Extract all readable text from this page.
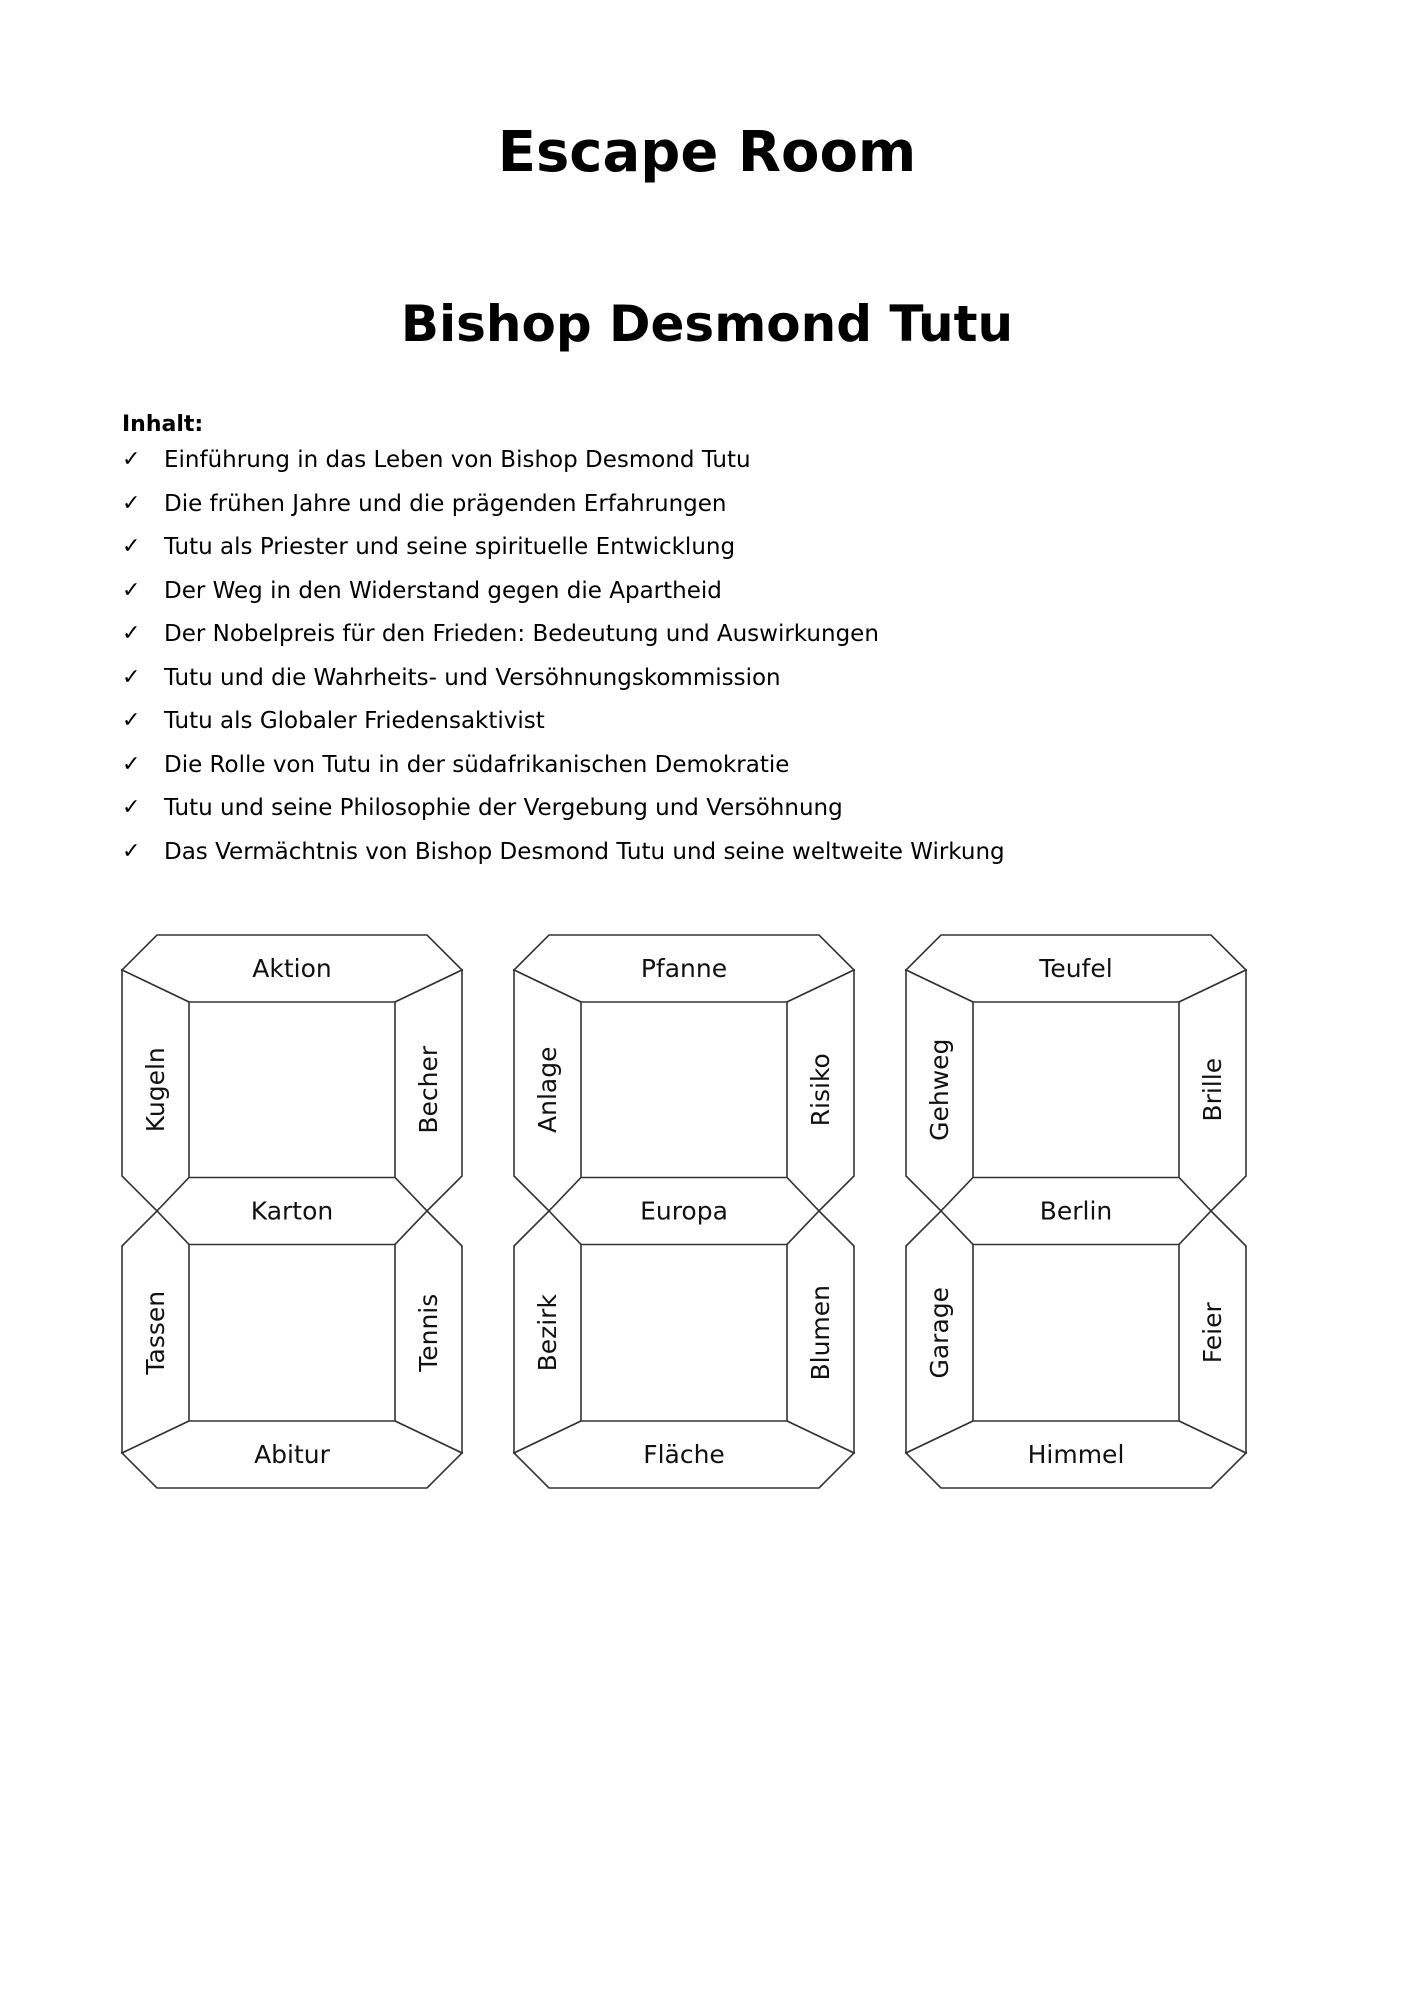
Escape Room
Bishop Desmond Tutu
Inhalt:
✓	Einführung in das Leben von Bishop Desmond Tutu
✓	Die frühen Jahre und die prägenden Erfahrungen
✓	Tutu als Priester und seine spirituelle Entwicklung
✓	Der Weg in den Widerstand gegen die Apartheid
✓	Der Nobelpreis für den Frieden: Bedeutung und Auswirkungen
✓	Tutu und die Wahrheits- und Versöhnungskommission
✓	Tutu als Globaler Friedensaktivist
✓	Die Rolle von Tutu in der südafrikanischen Demokratie
✓	Tutu und seine Philosophie der Vergebung und Versöhnung
✓	Das Vermächtnis von Bishop Desmond Tutu und seine weltweite Wirkung
Aktion
Karton
Abitur
Kugeln	Becher
Tassen	Tennis
Pfanne
Europa
Fläche
Anlage	Risiko
Bezirk	Blumen
Teufel
Berlin
Himmel
Gehweg	Brille
Garage	Feier
